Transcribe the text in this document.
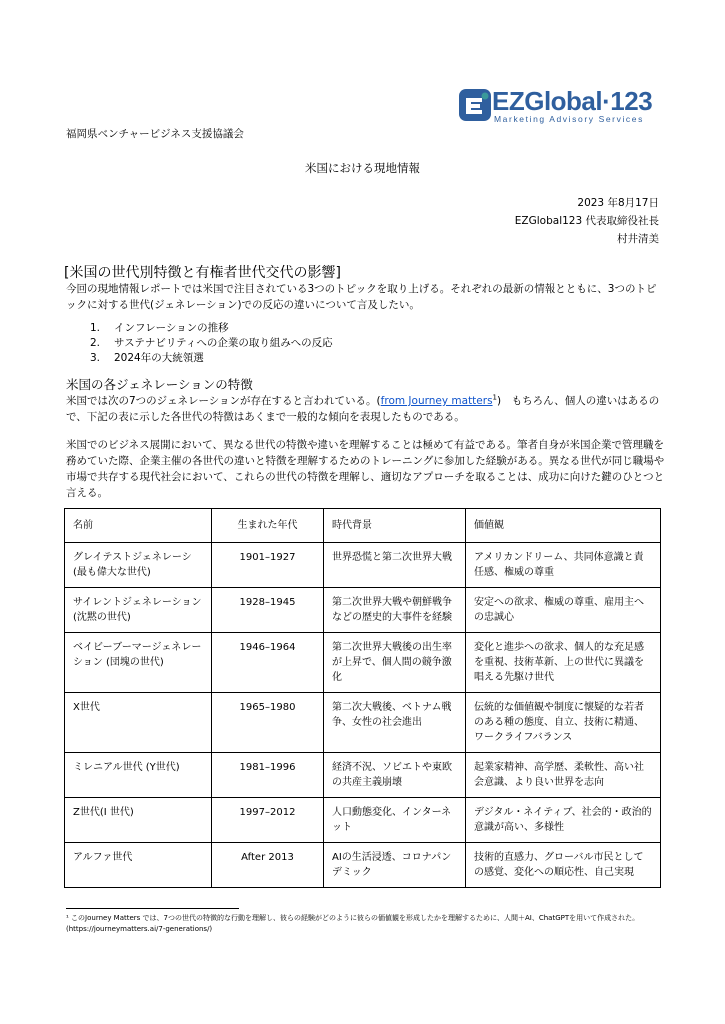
EZGlobal·123
Marketing Advisory Services
福岡県ベンチャービジネス支援協議会
米国における現地情報
2023 年8月17日
EZGlobal123 代表取締役社長
村井清美
[米国の世代別特徴と有権者世代交代の影響]
今回の現地情報レポートでは米国で注目されている3つのトピックを取り上げる。それぞれの最新の情報とともに、3つのトピックに対する世代(ジェネレーション)での反応の違いについて言及したい。
1. インフレーションの推移
2. サステナビリティへの企業の取り組みへの反応
3. 2024年の大統領選
米国の各ジェネレーションの特徴
米国では次の7つのジェネレーションが存在すると言われている。(from Journey matters$^1$)　もちろん、個人の違いはあるので、下記の表に示した各世代の特徴はあくまで一般的な傾向を表現したものである。
米国でのビジネス展開において、異なる世代の特徴や違いを理解することは極めて有益である。筆者自身が米国企業で管理職を務めていた際、企業主催の各世代の違いと特徴を理解するためのトレーニングに参加した経験がある。異なる世代が同じ職場や市場で共存する現代社会において、これらの世代の特徴を理解し、適切なアプローチを取ることは、成功に向けた鍵のひとつと言える。
名前	生まれた年代	時代背景	価値観
グレイテストジェネレーシ (最も偉大な世代)	1901–1927	世界恐慌と第二次世界大戦	アメリカンドリーム、共同体意識と責任感、権威の尊重
サイレントジェネレーション (沈黙の世代)	1928–1945	第二次世界大戦や朝鮮戦争などの歴史的大事件を経験	安定への欲求、権威の尊重、雇用主への忠誠心
ベイビーブーマージェネレーション (団塊の世代)	1946–1964	第二次世界大戦後の出生率が上昇で、個人間の競争激化	変化と進歩への欲求、個人的な充足感を重視、技術革新、上の世代に異議を唱える先駆け世代
X世代	1965–1980	第二次大戦後、ベトナム戦争、女性の社会進出	伝統的な価値観や制度に懐疑的な若者のある種の態度、自立、技術に精通、ワークライフバランス
ミレニアル世代 (Y世代)	1981–1996	経済不況、ソビエトや東欧の共産主義崩壊	起業家精神、高学歴、柔軟性、高い社会意識、より良い世界を志向
Z世代(I 世代)	1997–2012	人口動態変化、インターネット	デジタル・ネイティブ、社会的・政治的意識が高い、多様性
アルファ世代	After 2013	AIの生活浸透、コロナパンデミック	技術的直感力、グローバル市民としての感覚、変化への順応性、自己実現
¹ このJourney Matters では、7つの世代の特徴的な行動を理解し、彼らの経験がどのように彼らの価値観を形成したかを理解するために、人間＋AI、ChatGPTを用いて作成された。(https://journeymatters.ai/7-generations/)
